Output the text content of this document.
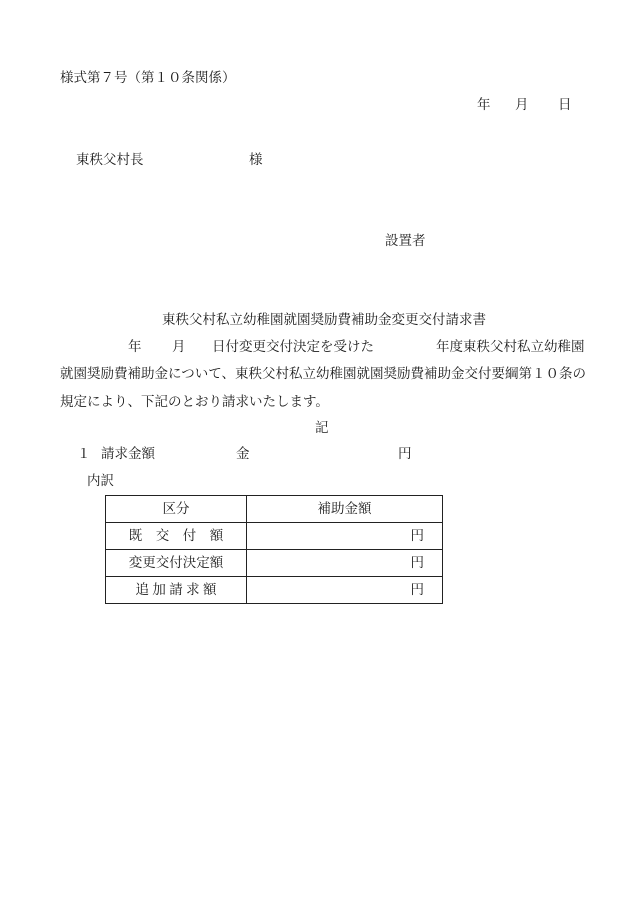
様式第７号（第１０条関係）
年 月 日
東秩父村長	様
設置者
東秩父村私立幼稚園就園奨励費補助金変更交付請求書
年 月 日付変更交付決定を受けた	年度東秩父村私立幼稚園
就園奨励費補助金について、東秩父村私立幼稚園就園奨励費補助金交付要綱第１０条の
規定により、下記のとおり請求いたします。
記
１ 請求金額	金	円
内訳
区分	補助金額
既　交　付　額	円
変更交付決定額	円
追 加 請 求 額	円
